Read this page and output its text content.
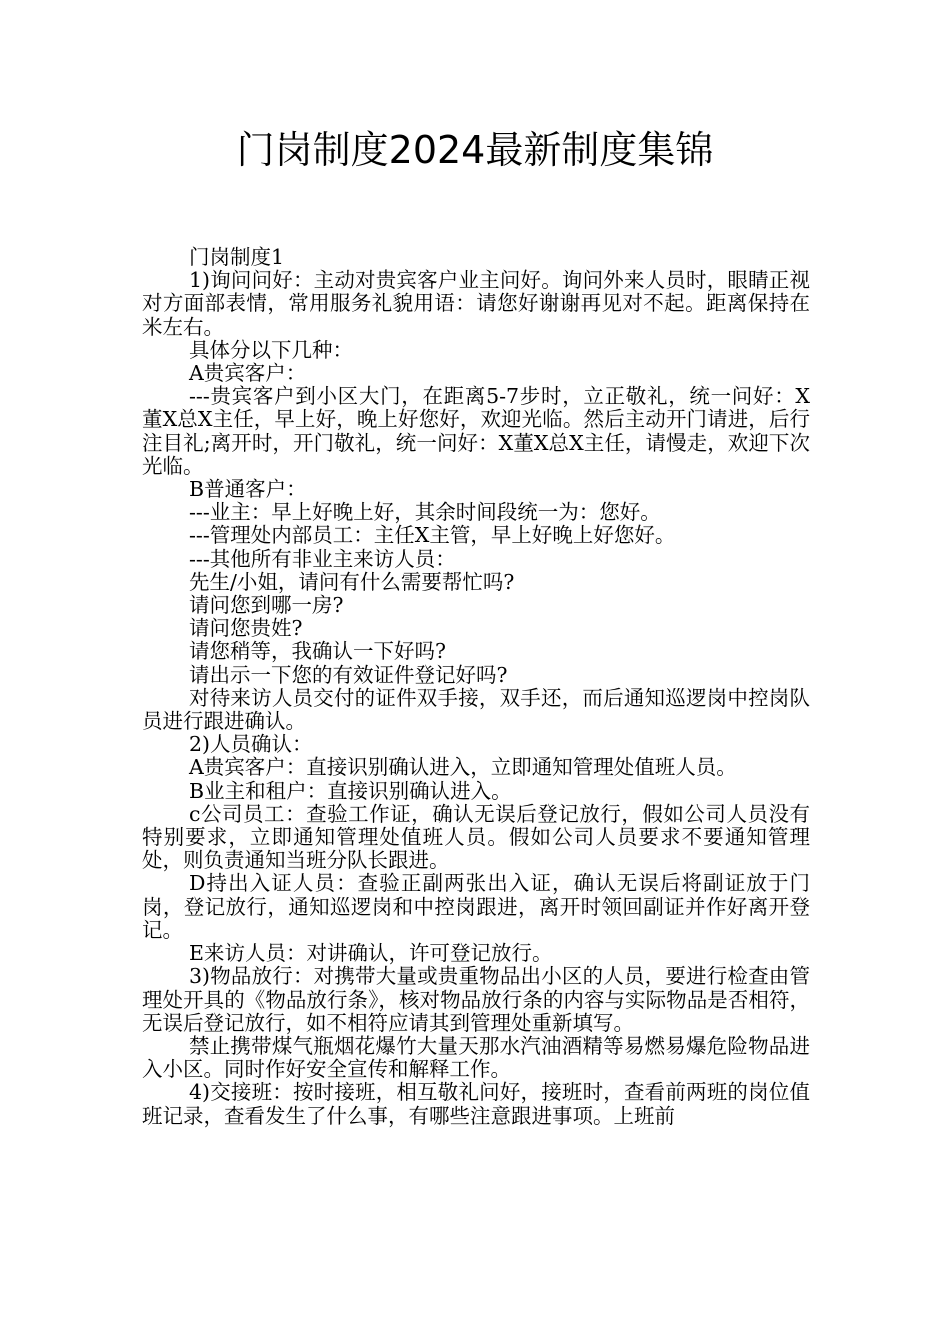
门岗制度2024最新制度集锦

门岗制度1

1)询问问好：主动对贵宾客户业主问好。询问外来人员时，眼睛正视对方面部表情，常用服务礼貌用语：请您好谢谢再见对不起。距离保持在米左右。

具体分以下几种：

A贵宾客户：

---贵宾客户到小区大门，在距离5-7步时，立正敬礼，统一问好：X董X总X主任，早上好，晚上好您好，欢迎光临。然后主动开门请进，后行注目礼;离开时，开门敬礼，统一问好：X董X总X主任，请慢走，欢迎下次光临。

B普通客户：

---业主：早上好晚上好，其余时间段统一为：您好。

---管理处内部员工：主任X主管，早上好晚上好您好。

---其他所有非业主来访人员：

先生/小姐，请问有什么需要帮忙吗?

请问您到哪一房?

请问您贵姓?

请您稍等，我确认一下好吗?

请出示一下您的有效证件登记好吗?

对待来访人员交付的证件双手接，双手还，而后通知巡逻岗中控岗队员进行跟进确认。

2)人员确认：

A贵宾客户：直接识别确认进入，立即通知管理处值班人员。

B业主和租户：直接识别确认进入。

c公司员工：查验工作证，确认无误后登记放行，假如公司人员没有特别要求，立即通知管理处值班人员。假如公司人员要求不要通知管理处，则负责通知当班分队长跟进。

D持出入证人员：查验正副两张出入证，确认无误后将副证放于门岗，登记放行，通知巡逻岗和中控岗跟进，离开时领回副证并作好离开登记。

E来访人员：对讲确认，许可登记放行。

3)物品放行：对携带大量或贵重物品出小区的人员，要进行检查由管理处开具的《物品放行条》，核对物品放行条的内容与实际物品是否相符，无误后登记放行，如不相符应请其到管理处重新填写。

禁止携带煤气瓶烟花爆竹大量天那水汽油酒精等易燃易爆危险物品进入小区。同时作好安全宣传和解释工作。

4)交接班：按时接班，相互敬礼问好，接班时，查看前两班的岗位值班记录，查看发生了什么事，有哪些注意跟进事项。上班前
